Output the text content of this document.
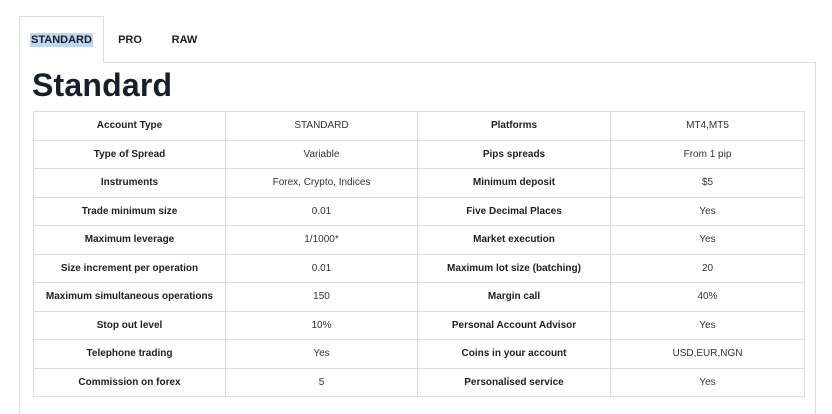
STANDARD PRO	RAW
Standard
Account Type	STANDARD	Platforms	MT4,MT5
Type of Spread	Variable	Pips spreads	From 1 pip
Instruments	Forex, Crypto, Indices	Minimum deposit	$5
Trade minimum size	0.01	Five Decimal Places	Yes
Maximum leverage	1/1000*	Market execution	Yes
Size increment per operation	0.01	Maximum lot size (batching)	20
Maximum simultaneous operations	150	Margin call	40%
Stop out level	10%	Personal Account Advisor	Yes
Telephone trading	Yes	Coins in your account	USD,EUR,NGN
Commission on forex	5	Personalised service	Yes
